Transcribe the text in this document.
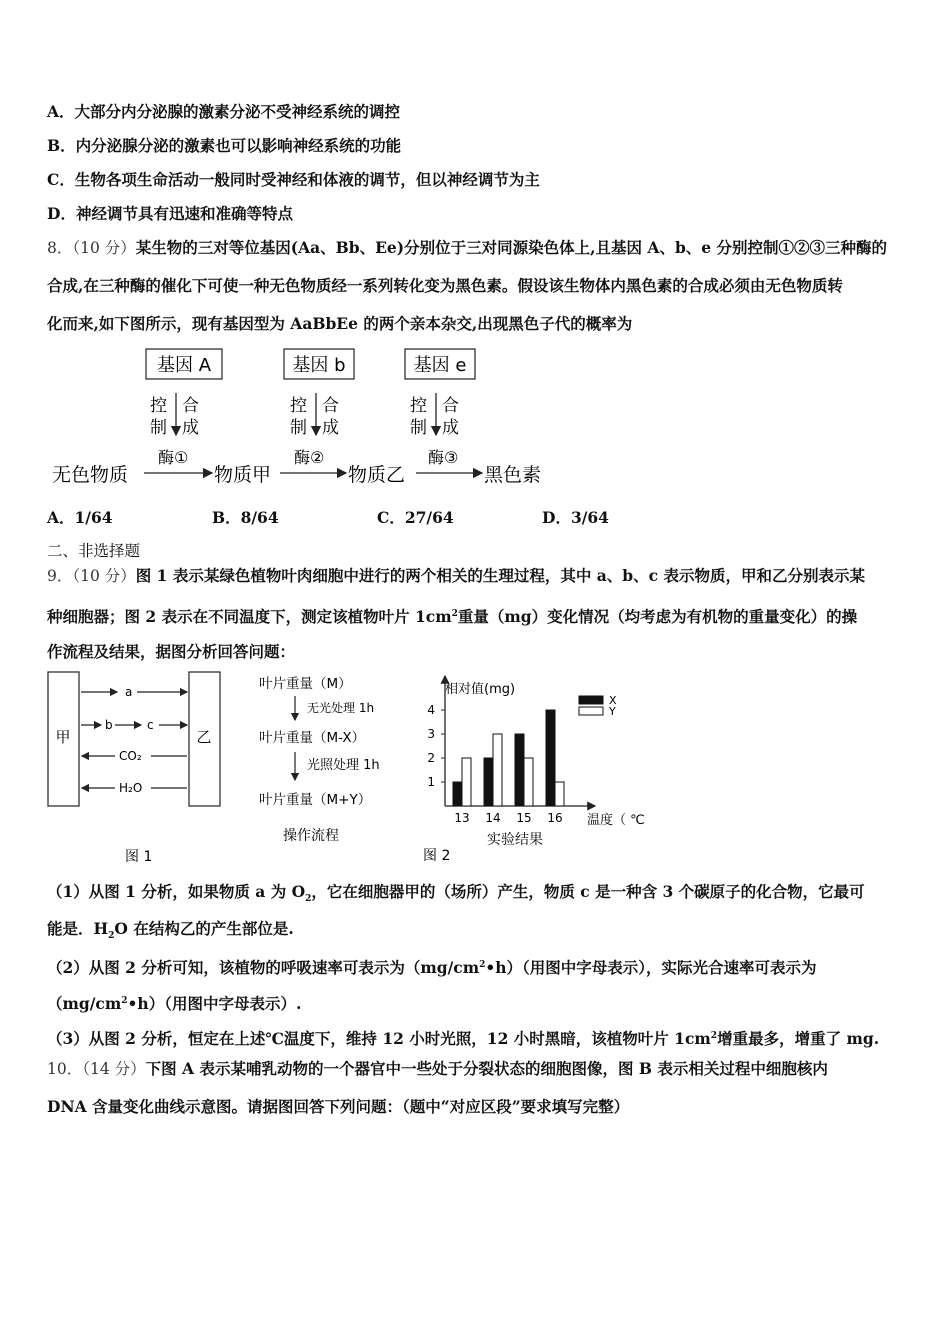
A．大部分内分泌腺的激素分泌不受神经系统的调控
B．内分泌腺分泌的激素也可以影响神经系统的功能
C．生物各项生命活动一般同时受神经和体液的调节，但以神经调节为主
D．神经调节具有迅速和准确等特点
8．（10 分）某生物的三对等位基因(Aa、Bb、Ee)分别位于三对同源染色体上,且基因 A、b、e 分别控制①②③三种酶的
合成,在三种酶的催化下可使一种无色物质经一系列转化变为黑色素。假设该生物体内黑色素的合成必须由无色物质转
化而来,如下图所示，现有基因型为 AaBbEe 的两个亲本杂交,出现黑色子代的概率为
基因 A	基因 b	基因 e
控
制
合
成
控
制
合
成
控
制
合
成
无色物质
酶①
物质甲
酶②
物质乙
酶③
黑色素
A．1/64	B．8/64	C．27/64	D．3/64
二、非选择题
9．（10 分）图 1 表示某绿色植物叶肉细胞中进行的两个相关的生理过程，其中 a、b、c 表示物质，甲和乙分别表示某
种细胞器；图 2 表示在不同温度下，测定该植物叶片 $1cm^2$重量（mg）变化情况（均考虑为有机物的重量变化）的操
作流程及结果，据图分析回答问题：
甲	乙
a
b	c
CO₂
H₂O
图 1
叶片重量（M）
无光处理 1h
叶片重量（M-X）
光照处理 1h
叶片重量（M+Y）
操作流程
相对值(mg)
温度（ ℃
实验结果
图 2
X
Y
1
2
3
4
13 14 15 16
（1）从图 1 分析，如果物质 a 为 $O_2$，它在细胞器甲的（场所）产生，物质 c 是一种含 3 个碳原子的化合物，它最可
能是．$H_2O$ 在结构乙的产生部位是.
（2）从图 2 分析可知，该植物的呼吸速率可表示为$(mg/cm^2•h)$（用图中字母表示），实际光合速率可表示为
$(mg/cm^2•h)$（用图中字母表示）.
（3）从图 2 分析，恒定在上述℃温度下，维持 12 小时光照，12 小时黑暗，该植物叶片 $1cm^2$增重最多，增重了 mg.
10．（14 分）下图 A 表示某哺乳动物的一个器官中一些处于分裂状态的细胞图像，图 B 表示相关过程中细胞核内
DNA 含量变化曲线示意图。请据图回答下列问题：（题中“对应区段”要求填写完整）
